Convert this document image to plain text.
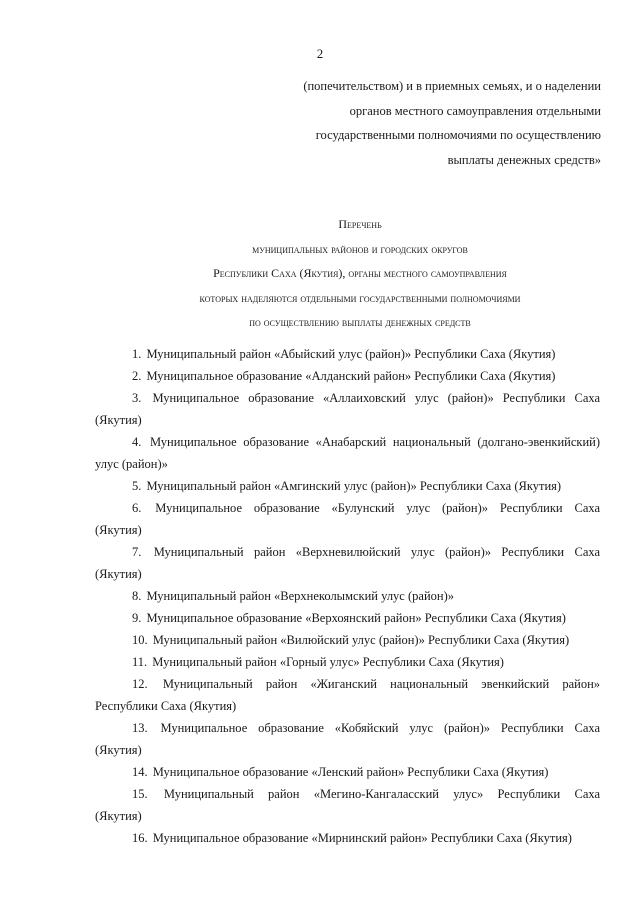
2
(попечительством) и в приемных семьях, и о наделении
органов местного самоуправления отдельными
государственными полномочиями по осуществлению
выплаты денежных средств»
Перечень
муниципальных районов и городских округов
Республики Саха (Якутия), органы местного самоуправления
которых наделяются отдельными государственными полномочиями
по осуществлению выплаты денежных средств
1. Муниципальный район «Абыйский улус (район)» Республики Саха (Якутия)
2. Муниципальное образование «Алданский район» Республики Саха (Якутия)
3. Муниципальное образование «Аллаиховский улус (район)» Республики Саха
(Якутия)
4. Муниципальное образование «Анабарский национальный (долгано-эвенкийский)
улус (район)»
5. Муниципальный район «Амгинский улус (район)» Республики Саха (Якутия)
6. Муниципальное образование «Булунский улус (район)» Республики Саха
(Якутия)
7. Муниципальный район «Верхневилюйский улус (район)» Республики Саха
(Якутия)
8. Муниципальный район «Верхнеколымский улус (район)»
9. Муниципальное образование «Верхоянский район» Республики Саха (Якутия)
10. Муниципальный район «Вилюйский улус (район)» Республики Саха (Якутия)
11. Муниципальный район «Горный улус» Республики Саха (Якутия)
12. Муниципальный район «Жиганский национальный эвенкийский район»
Республики Саха (Якутия)
13. Муниципальное образование «Кобяйский улус (район)» Республики Саха
(Якутия)
14. Муниципальное образование «Ленский район» Республики Саха (Якутия)
15. Муниципальный район «Мегино-Кангаласский улус» Республики Саха
(Якутия)
16. Муниципальное образование «Мирнинский район» Республики Саха (Якутия)
